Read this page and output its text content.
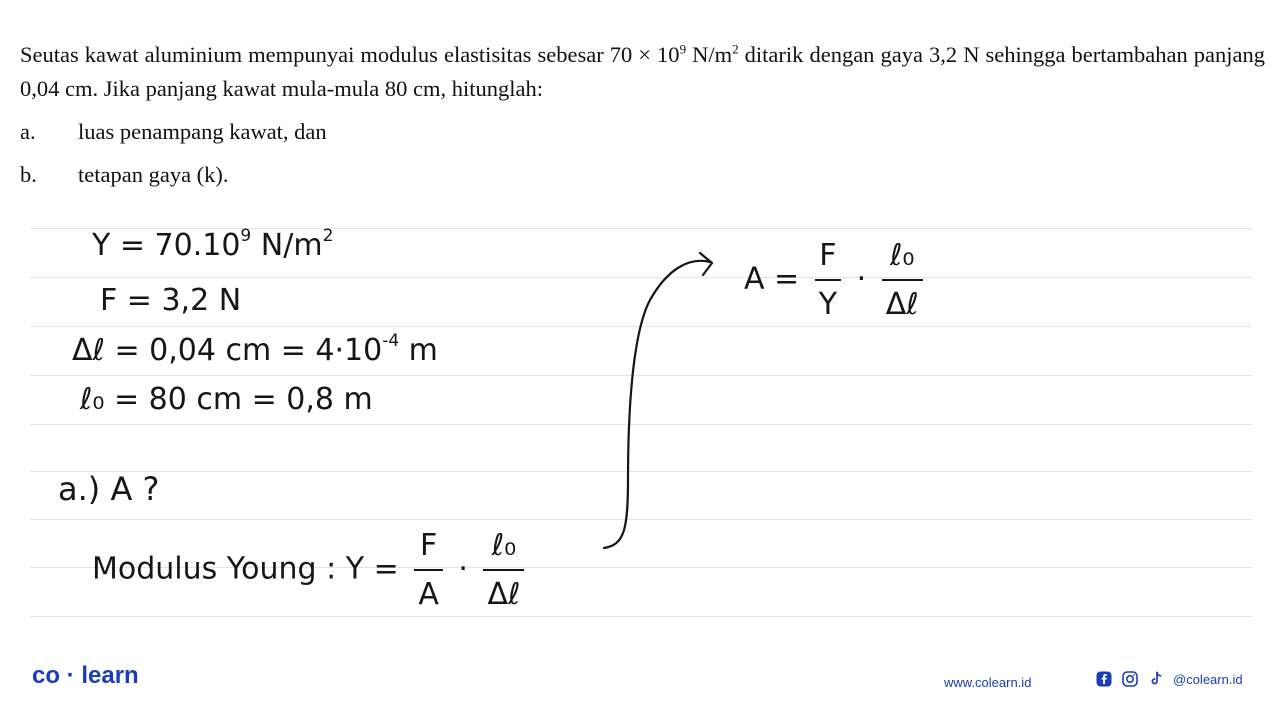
Seutas kawat aluminium mempunyai modulus elastisitas sebesar $70 \times 10^9$ $N/m^2$ ditarik dengan gaya 3,2 N sehingga bertambahan panjang 0,04 cm. Jika panjang kawat mula-mula 80 cm, hitunglah:

a.	luas penampang kawat, dan
b.	tetapan gaya (k).
$Y = 70.10^9$ $N/m^2$
F = 3,2 N
Δℓ = 0,04 cm = $4\cdot 10^{-4}$ m
ℓ₀ = 80 cm = 0,8 m
a.) A ?
Modulus Young : $Y = \frac{F}{A} \cdot \frac{\text{ℓ₀}}{\text{Δℓ}}$
$A = \frac{F}{Y} \cdot \frac{\text{ℓ₀}}{\text{Δℓ}}$
co · learn	www.colearn.id	@colearn.id
